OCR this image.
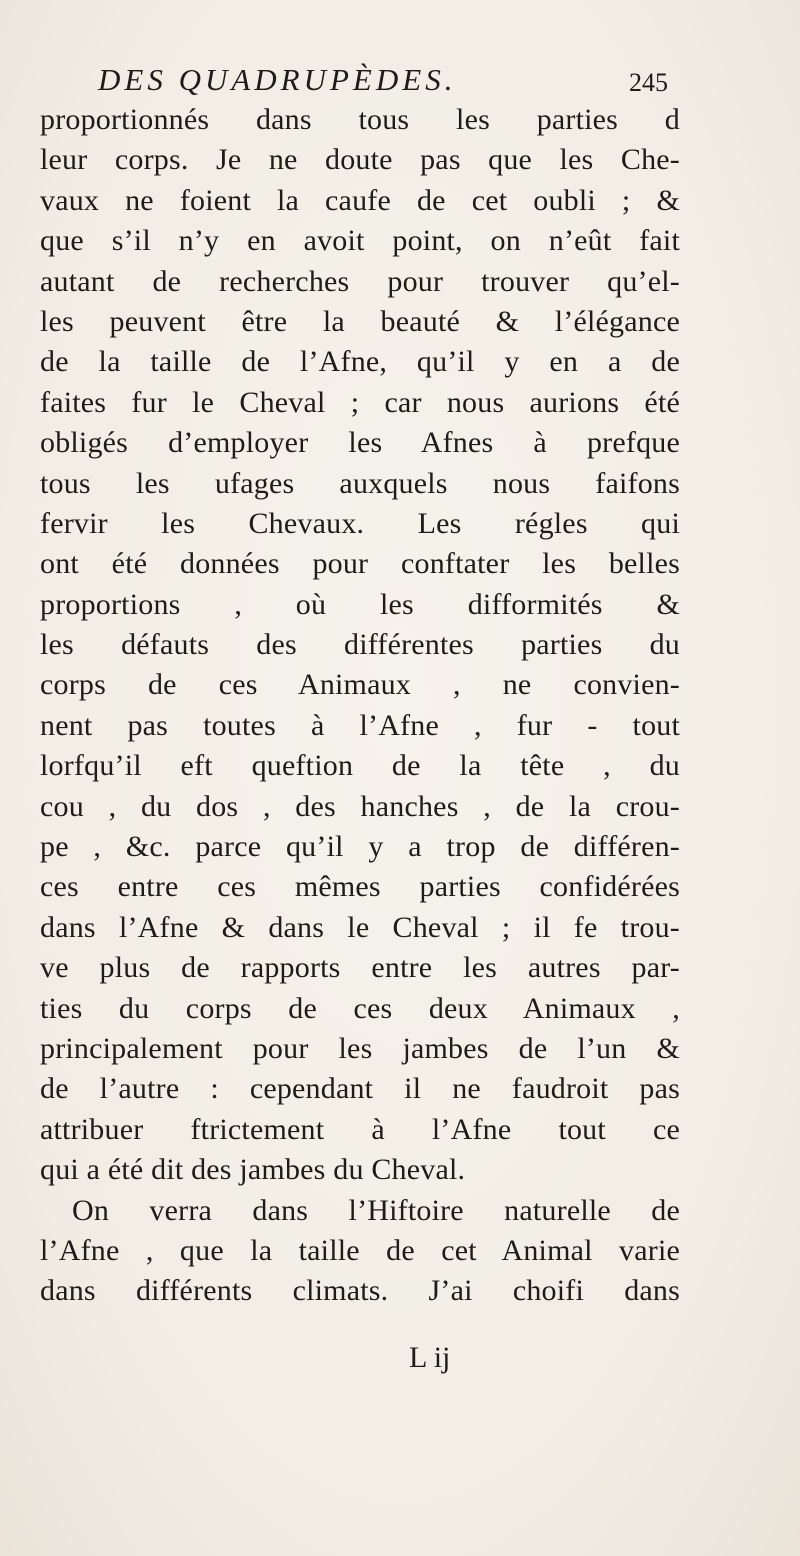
DES QUADRUPÈDES.	245
proportionnés dans tous les parties d
leur corps. Je ne doute pas que les Che-
vaux ne foient la caufe de cet oubli ; &
que s’il n’y en avoit point, on n’eût fait
autant de recherches pour trouver qu’el-
les peuvent être la beauté & l’élégance
de la taille de l’Afne, qu’il y en a de
faites fur le Cheval ; car nous aurions été
obligés d’employer les Afnes à prefque
tous les ufages auxquels nous faifons
fervir les Chevaux. Les régles qui
ont été données pour conftater les belles
proportions , où les difformités &
les défauts des différentes parties du
corps de ces Animaux , ne convien-
nent pas toutes à l’Afne , fur - tout
lorfqu’il eft queftion de la tête , du
cou , du dos , des hanches , de la crou-
pe , &c. parce qu’il y a trop de différen-
ces entre ces mêmes parties confidérées
dans l’Afne & dans le Cheval ; il fe trou-
ve plus de rapports entre les autres par-
ties du corps de ces deux Animaux ,
principalement pour les jambes de l’un &
de l’autre : cependant il ne faudroit pas
attribuer ftrictement à l’Afne tout ce
qui a été dit des jambes du Cheval.
On verra dans l’Hiftoire naturelle de
l’Afne , que la taille de cet Animal varie
dans différents climats. J’ai choifi dans
L ij
